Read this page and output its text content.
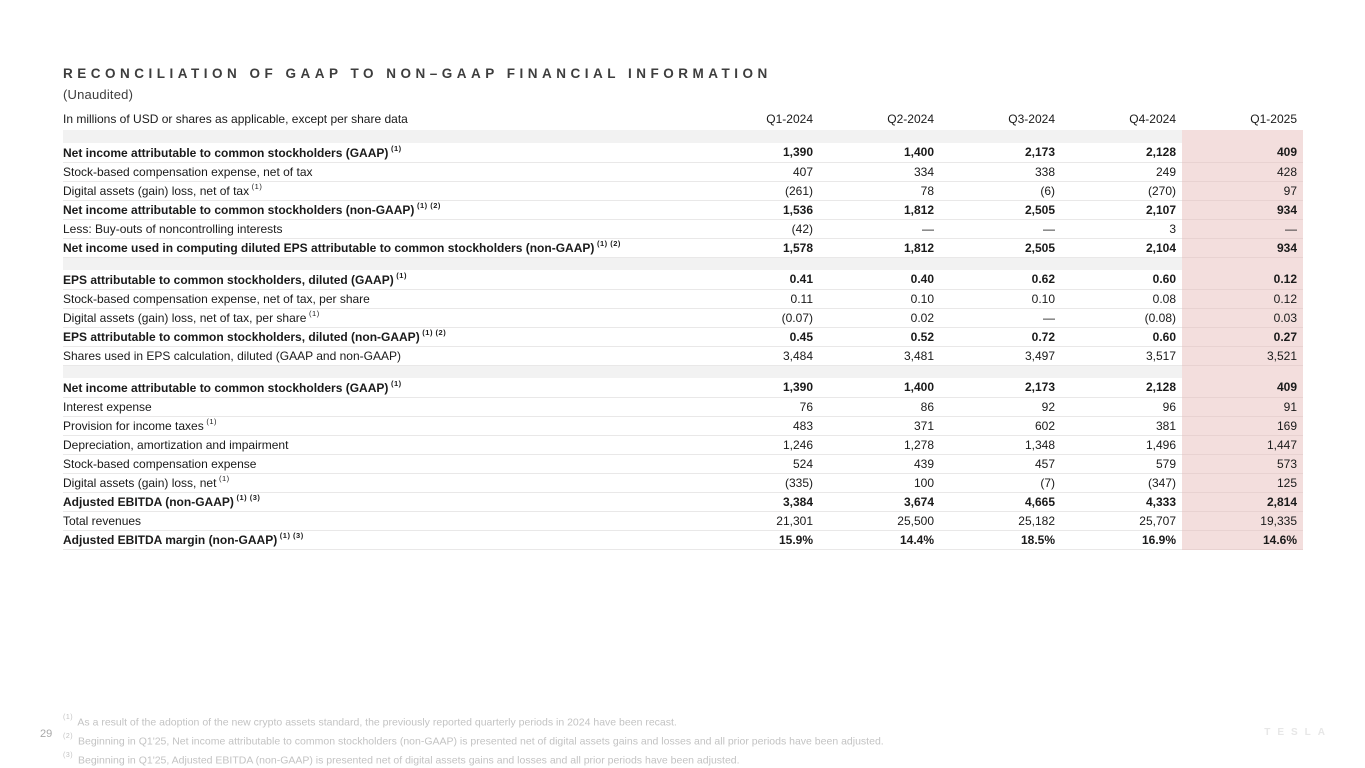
RECONCILIATION OF GAAP TO NON–GAAP FINANCIAL INFORMATION
(Unaudited)
In millions of USD or shares as applicable, except per share data	Q1-2024	Q2-2024	Q3-2024	Q4-2024	Q1-2025

Net income attributable to common stockholders (GAAP) $^{(1)}$	1,390	1,400	2,173	2,128	409
Stock-based compensation expense, net of tax	407	334	338	249	428
Digital assets (gain) loss, net of tax $^{(1)}$	(261)	78	(6)	(270)	97
Net income attributable to common stockholders (non-GAAP) $^{(1) (2)}$	1,536	1,812	2,505	2,107	934
Less: Buy-outs of noncontrolling interests	(42)	—	—	3	—
Net income used in computing diluted EPS attributable to common stockholders (non-GAAP) $^{(1) (2)}$	1,578	1,812	2,505	2,104	934

EPS attributable to common stockholders, diluted (GAAP) $^{(1)}$	0.41	0.40	0.62	0.60	0.12
Stock-based compensation expense, net of tax, per share	0.11	0.10	0.10	0.08	0.12
Digital assets (gain) loss, net of tax, per share $^{(1)}$	(0.07)	0.02	—	(0.08)	0.03
EPS attributable to common stockholders, diluted (non-GAAP) $^{(1) (2)}$	0.45	0.52	0.72	0.60	0.27
Shares used in EPS calculation, diluted (GAAP and non-GAAP)	3,484	3,481	3,497	3,517	3,521

Net income attributable to common stockholders (GAAP) $^{(1)}$	1,390	1,400	2,173	2,128	409
Interest expense	76	86	92	96	91
Provision for income taxes $^{(1)}$	483	371	602	381	169
Depreciation, amortization and impairment	1,246	1,278	1,348	1,496	1,447
Stock-based compensation expense	524	439	457	579	573
Digital assets (gain) loss, net $^{(1)}$	(335)	100	(7)	(347)	125
Adjusted EBITDA (non-GAAP) $^{(1) (3)}$	3,384	3,674	4,665	4,333	2,814
Total revenues	21,301	25,500	25,182	25,707	19,335
Adjusted EBITDA margin (non-GAAP) $^{(1) (3)}$	15.9%	14.4%	18.5%	16.9%	14.6%
$^{(1)}$ As a result of the adoption of the new crypto assets standard, the previously reported quarterly periods in 2024 have been recast.
$^{(2)}$ Beginning in Q1'25, Net income attributable to common stockholders (non-GAAP) is presented net of digital assets gains and losses and all prior periods have been adjusted.
$^{(3)}$ Beginning in Q1'25, Adjusted EBITDA (non-GAAP) is presented net of digital assets gains and losses and all prior periods have been adjusted.
29	TESLA
